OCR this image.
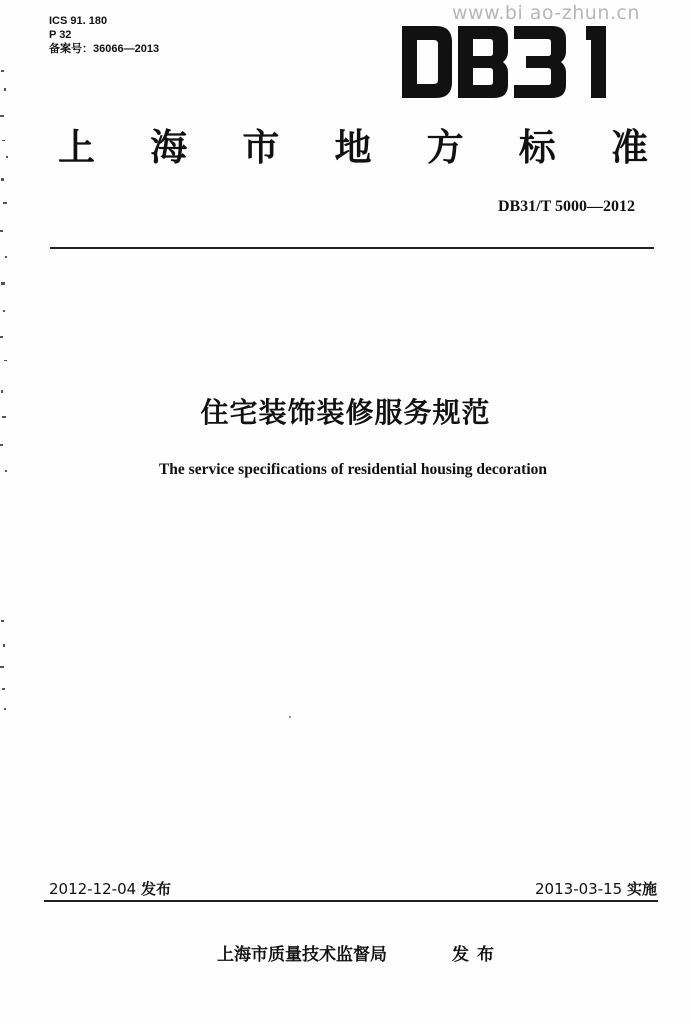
www.bi ao-zhun.cn
ICS 91. 180
P 32
备案号：36066—2013
上 海 市 地 方 标 准
DB31/T 5000—2012
住宅装饰装修服务规范
The service specifications of residential housing decoration
2012-12-04 发布	2013-03-15 实施
上海市质量技术监督局	发布
